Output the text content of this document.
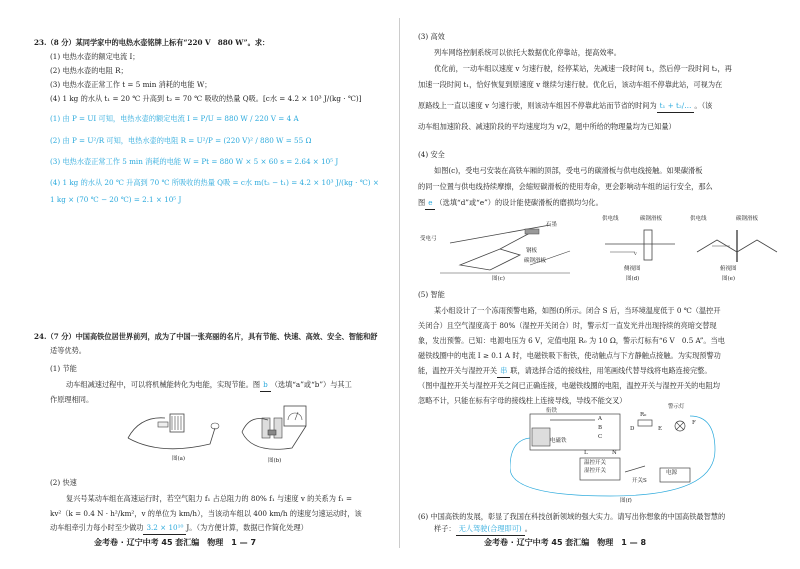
23.（8 分）某同学家中的电热水壶铭牌上标有“220 V　880 W”。求：
(1) 电热水壶的额定电流 I；
(2) 电热水壶的电阻 R；
(3) 电热水壶正常工作 t = 5 min 消耗的电能 W；
(4) 1 kg 的水从 t₁ = 20 ℃ 升高到 t₂ = 70 ℃ 吸收的热量 Q吸。[c水 = 4.2 × 10³ J/(kg · ℃)]
(1) 由 P = UI 可知，电热水壶的额定电流 I = P/U = 880 W / 220 V = 4 A
(2) 由 P = U²/R 可知，电热水壶的电阻 R = U²/P = (220 V)² / 880 W = 55 Ω
(3) 电热水壶正常工作 5 min 消耗的电能 W = Pt = 880 W × 5 × 60 s = 2.64 × 10⁵ J
(4) 1 kg 的水从 20 ℃ 升高到 70 ℃ 所吸收的热量 Q吸 = c水 m(t₂ − t₁) = 4.2 × 10³ J/(kg · ℃) ×
1 kg × (70 ℃ − 20 ℃) = 2.1 × 10⁵ J
24.（7 分）中国高铁位居世界前列，成为了中国一张亮丽的名片，具有节能、快速、高效、安全、智能和舒
适等优势。
(1) 节能
动车组减速过程中，可以将机械能转化为电能，实现节能。图 b （选填“a”或“b”）与其工
作原理相同。
图(a)	图(b)
(2) 快速
复兴号某动车组在高速运行时，若空气阻力 f₁ 占总阻力的 80% f₁ 与速度 v 的关系为 f₁ =
kv²（k = 0.4 N · h²/km²，v 的单位为 km/h），当该动车组以 400 km/h 的速度匀速运动时，该
动车组牵引力每小时至少做功 3.2 × 10¹⁰ J。（为方便计算，数据已作简化处理）
金考卷 · 辽宁中考 45 套汇编　物理　1 — 7
(3) 高效
列车网络控制系统可以依托大数据优化停靠站，提高效率。
优化前，一动车组以速度 v 匀速行驶，经停某站，先减速一段时间 t₁，然后停一段时间 t₂，再
加速一段时间 t₁，恰好恢复到原速度 v 继续匀速行驶。优化后，该动车组不停靠此站，可视为在
原路线上一直以速度 v 匀速行驶，则该动车组因不停靠此站而节省的时间为 t₁ + t₂/… 。（该
动车组加速阶段、减速阶段的平均速度均为 v/2，题中所给的物理量均为已知量）
(4) 安全
如图(c)，受电弓安装在高铁车厢的顶部，受电弓的碳滑板与供电线接触。如果碳滑板
的同一位置与供电线持续摩擦，会缩短碳滑板的使用寿命，更会影响动车组的运行安全，那么
图 e （选填“d”或“e”）的设计能使碳滑板的磨损均匀化。
受电弓
石墨
钢板
碳钢滑板
图(c)
v
供电线	碳钢滑板
侧视图
图(d)
供电线	碳钢滑板
俯视图
图(e)
(5) 智能
某小组设计了一个冻雨预警电路，如图(f)所示。闭合 S 后，当环境温度低于 0 ℃（温控开
关闭合）且空气湿度高于 80%（湿控开关闭合）时，警示灯一直发光并出现持续的亮暗交替现
象，发出预警。已知：电源电压为 6 V，定值电阻 R₀ 为 10 Ω，警示灯标有“6 V　0.5 A”。当电
磁铁线圈中的电流 I ≥ 0.1 A 时，电磁铁吸下衔铁，使动触点与下方静触点接触。为实现预警功
能，温控开关与湿控开关 串 联，请选择合适的接线柱，用笔画线代替导线将电路连接完整。
（图中温控开关与湿控开关之间已正确连接，电磁铁线圈的电阻，温控开关与湿控开关的电阻均
忽略不计，只能在标有字母的接线柱上连接导线，导线不能交叉）
衔铁
A
B
C
电磁铁
R₀
D	E
警示灯
F
L	N
温控开关
湿控开关
开关S
电源
图(f)
(6) 中国高铁的发展，彰显了我国在科技创新领域的强大实力。请写出你想象的中国高铁最智慧的
样子： 无人驾驶(合理即可) 。
金考卷 · 辽宁中考 45 套汇编　物理　1 — 8
